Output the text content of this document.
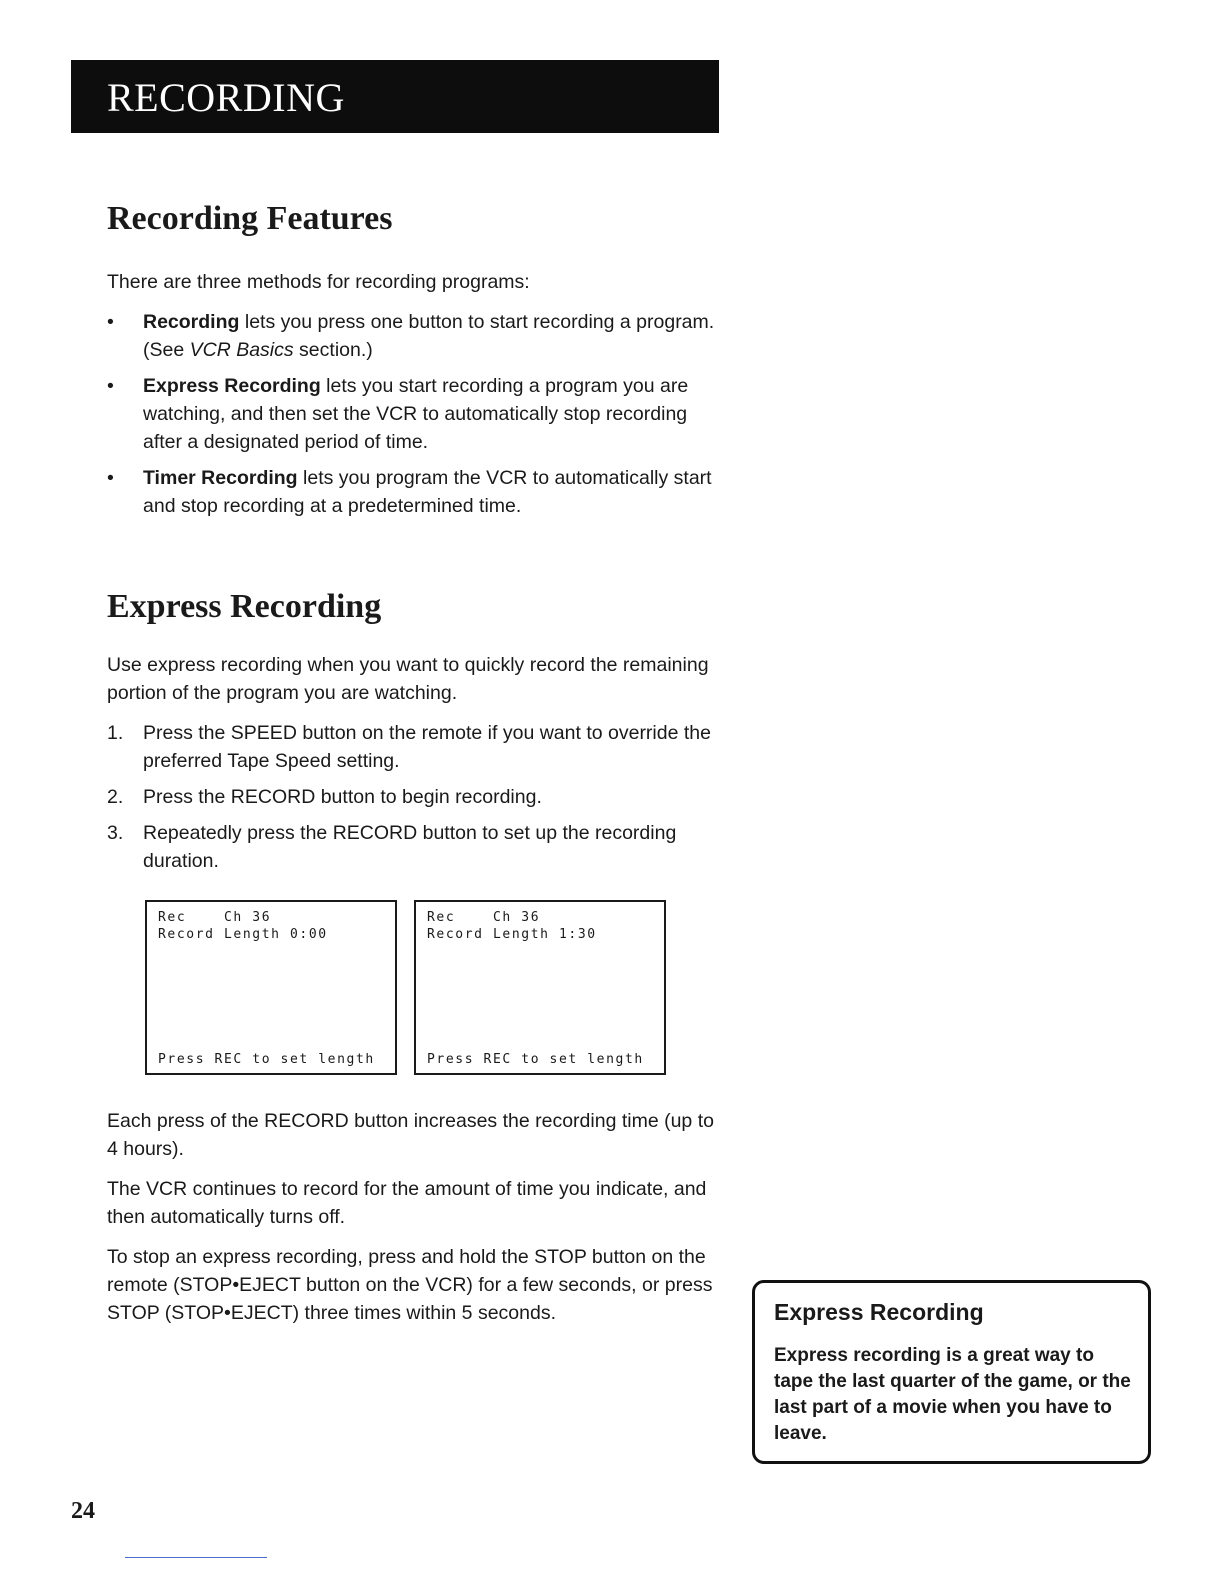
RECORDING
Recording Features

There are three methods for recording programs:

• Recording lets you press one button to start recording a program. (See VCR Basics section.)
• Express Recording lets you start recording a program you are watching, and then set the VCR to automatically stop recording after a designated period of time.
• Timer Recording lets you program the VCR to automatically start and stop recording at a predetermined time.
Express Recording

Use express recording when you want to quickly record the remaining portion of the program you are watching.

1. Press the SPEED button on the remote if you want to override the preferred Tape Speed setting.
2. Press the RECORD button to begin recording.
3. Repeatedly press the RECORD button to set up the recording duration.
Rec    Ch 36
Record Length 0:00
Press REC to set length
Rec    Ch 36
Record Length 1:30
Press REC to set length

Each press of the RECORD button increases the recording time (up to 4 hours).

The VCR continues to record for the amount of time you indicate, and then automatically turns off.

To stop an express recording, press and hold the STOP button on the remote (STOP•EJECT button on the VCR) for a few seconds, or press STOP (STOP•EJECT) three times within 5 seconds.	Express Recording
Express recording is a great way to tape the last quarter of the game, or the last part of a movie when you have to leave.
24
